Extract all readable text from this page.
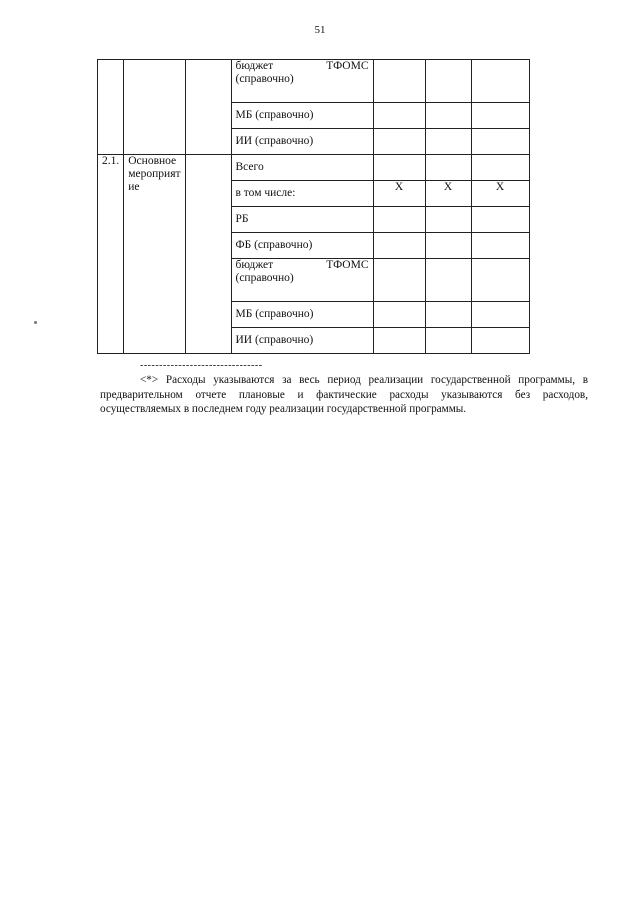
51

			бюджет ТФОМС
(справочно)			

			МБ (справочно)			
			ИИ (справочно)			
2.1.	Основное мероприят ие		Всего			
			в том числе:	X	X	X
			РБ			
			ФБ (справочно)			

			бюджет ТФОМС
(справочно)			

			МБ (справочно)			
			ИИ (справочно)			
--------------------------------
<*> Расходы указываются за весь период реализации государственной программы, в предварительном отчете плановые и фактические расходы указываются без расходов, осуществляемых в последнем году реализации государственной программы.
